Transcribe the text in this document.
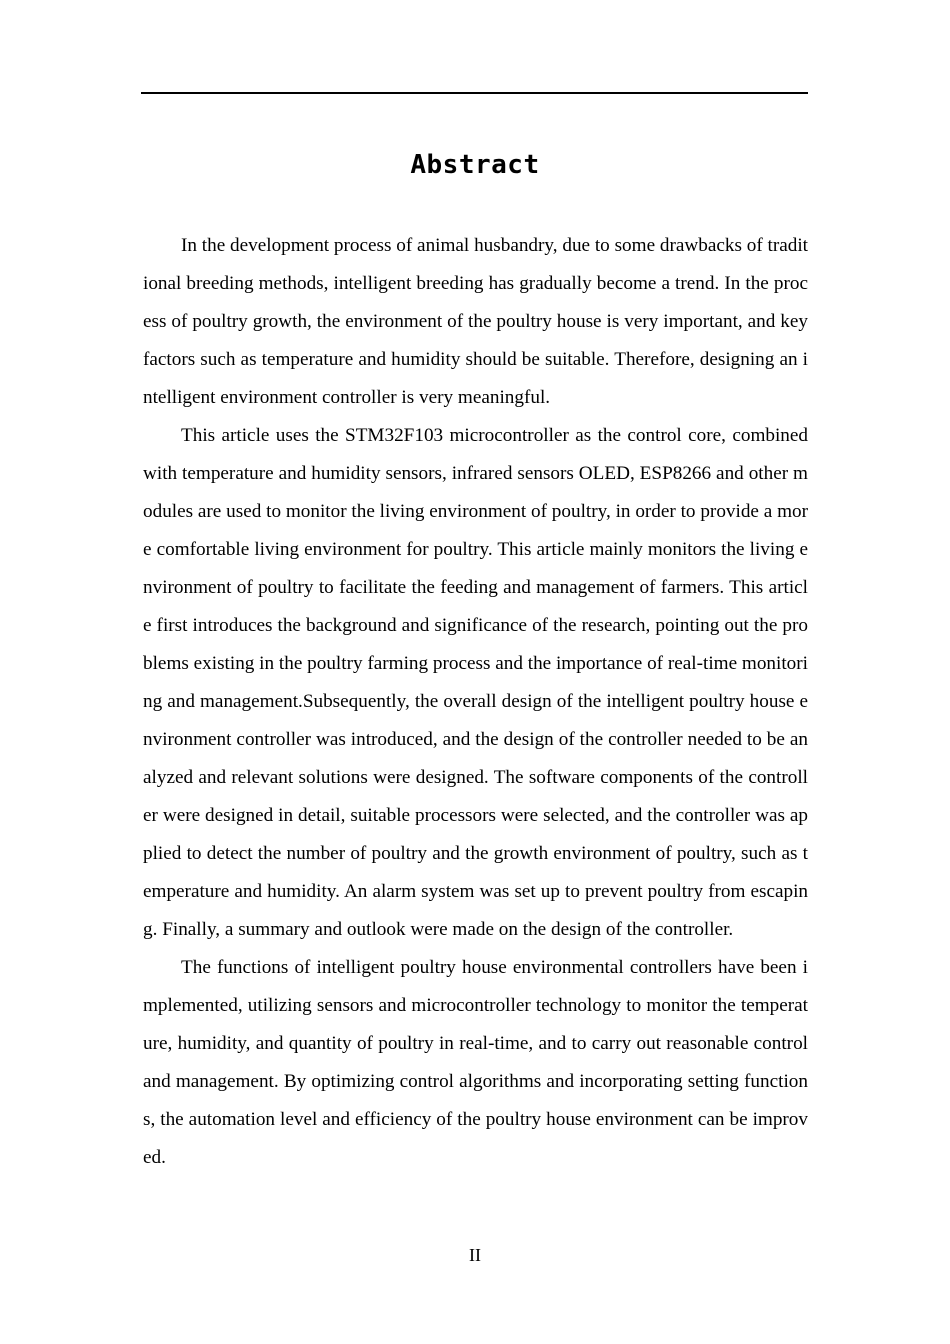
Abstract

In the development process of animal husbandry, due to some drawbacks of traditional breeding methods, intelligent breeding has gradually become a trend. In the process of poultry growth, the environment of the poultry house is very important, and key factors such as temperature and humidity should be suitable. Therefore, designing an intelligent environment controller is very meaningful.

This article uses the STM32F103 microcontroller as the control core, combined with temperature and humidity sensors, infrared sensors OLED, ESP8266 and other modules are used to monitor the living environment of poultry, in order to provide a more comfortable living environment for poultry. This article mainly monitors the living environment of poultry to facilitate the feeding and management of farmers. This article first introduces the background and significance of the research, pointing out the problems existing in the poultry farming process and the importance of real-time monitoring and management.Subsequently, the overall design of the intelligent poultry house environment controller was introduced, and the design of the controller needed to be analyzed and relevant solutions were designed. The software components of the controller were designed in detail, suitable processors were selected, and the controller was applied to detect the number of poultry and the growth environment of poultry, such as temperature and humidity. An alarm system was set up to prevent poultry from escaping. Finally, a summary and outlook were made on the design of the controller.

The functions of intelligent poultry house environmental controllers have been implemented, utilizing sensors and microcontroller technology to monitor the temperature, humidity, and quantity of poultry in real-time, and to carry out reasonable control and management. By optimizing control algorithms and incorporating setting functions, the automation level and efficiency of the poultry house environment can be improved.

II
